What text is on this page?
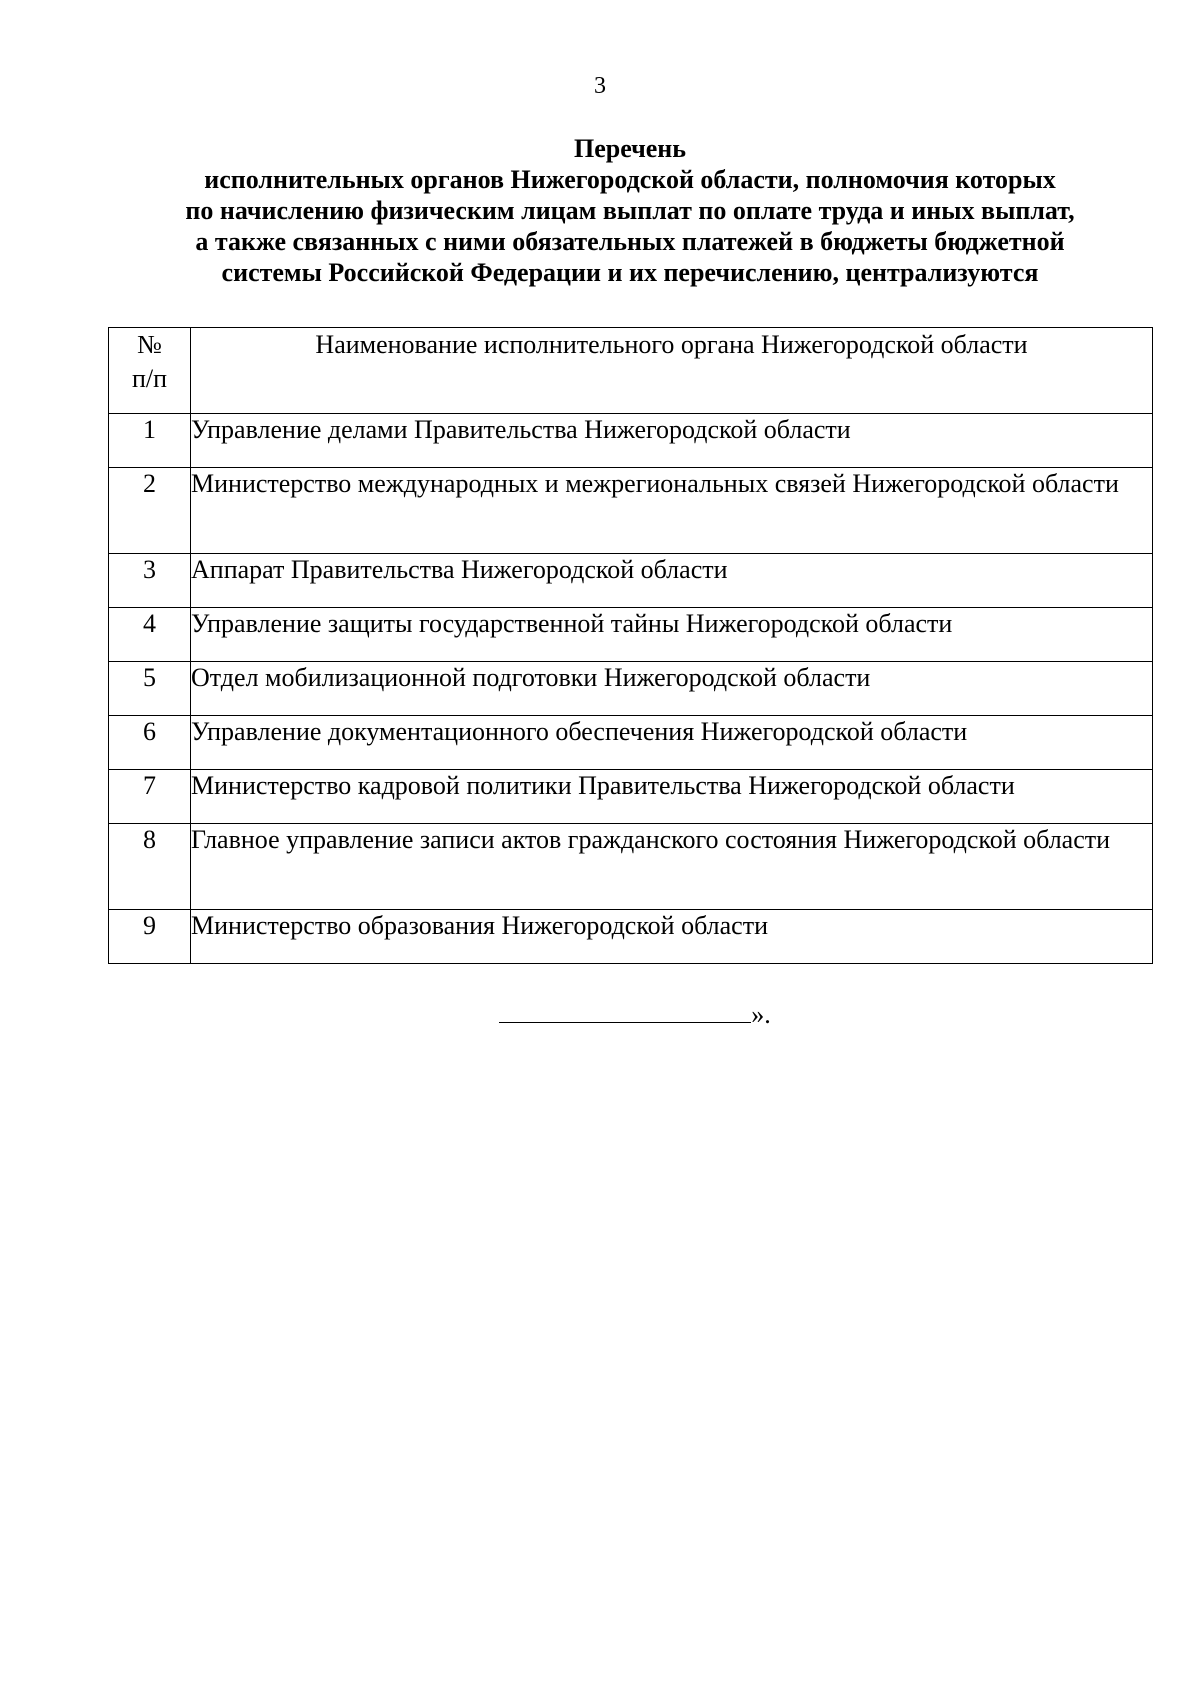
3
Перечень
исполнительных органов Нижегородской области, полномочия которых
по начислению физическим лицам выплат по оплате труда и иных выплат,
а также связанных с ними обязательных платежей в бюджеты бюджетной
системы Российской Федерации и их перечислению, централизуются
№
п/п	Наименование исполнительного органа Нижегородской области
1	Управление делами Правительства Нижегородской области
2	Министерство международных и межрегиональных связей Нижегородской области
3	Аппарат Правительства Нижегородской области
4	Управление защиты государственной тайны Нижегородской области
5	Отдел мобилизационной подготовки Нижегородской области
6	Управление документационного обеспечения Нижегородской области
7	Министерство кадровой политики Правительства Нижегородской области
8	Главное управление записи актов гражданского состояния Нижегородской области
9	Министерство образования Нижегородской области
».
